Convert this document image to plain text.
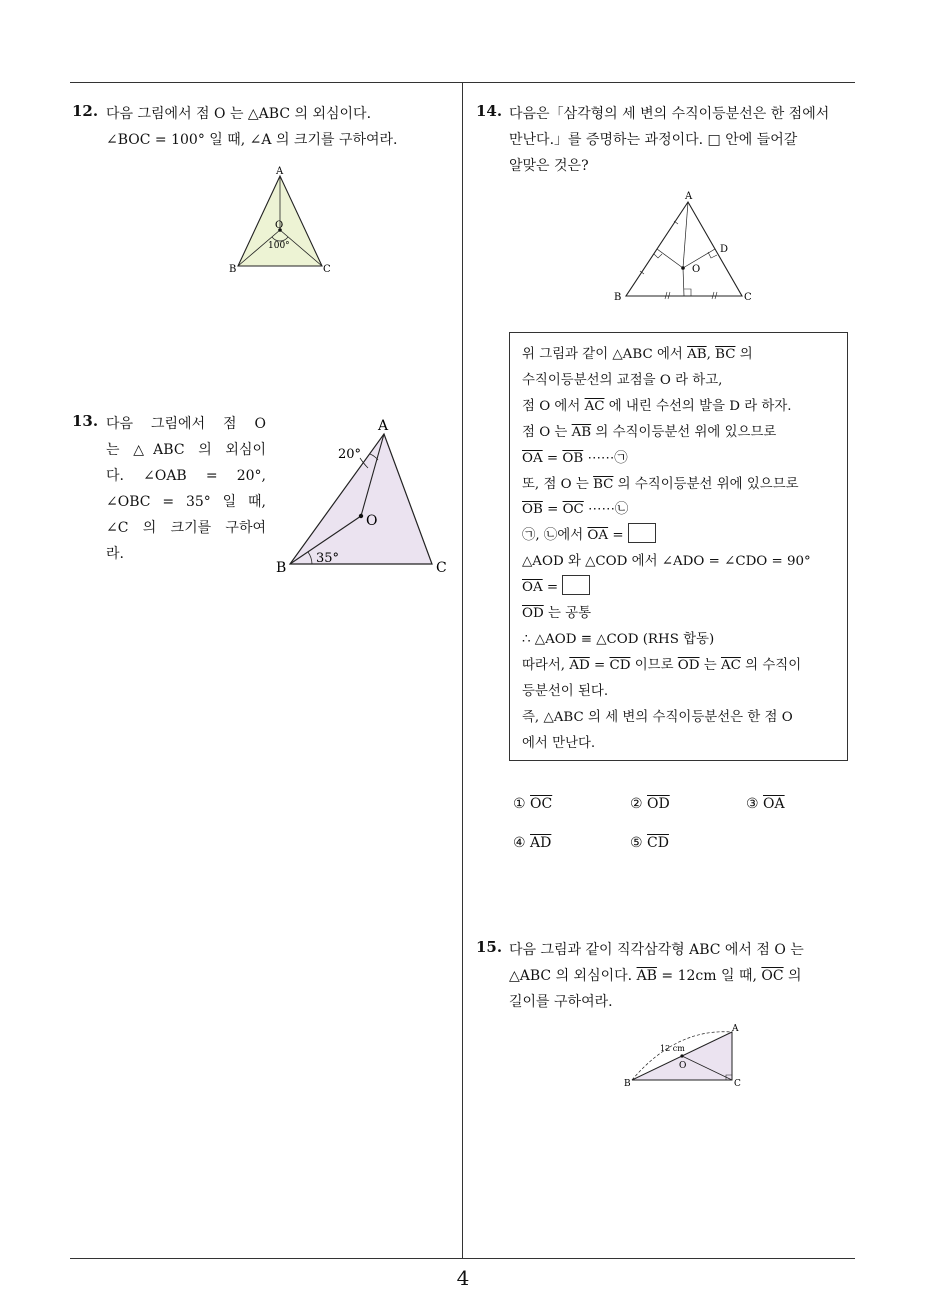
12. 다음 그림에서 점 O 는 △ABC 의 외심이다.
∠BOC = 100° 일 때, ∠A 의 크기를 구하여라.
A
O
100°
B	C
13. 다음 그림에서 점 O
는 △ABC 의 외심이
다. ∠OAB = 20°,
∠OBC = 35° 일 때,
∠C 의 크기를 구하여
라.
A
20°
O
35°
B	C
14. 다음은「삼각형의 세 변의 수직이등분선은 한 점에서
만난다.」를 증명하는 과정이다. □ 안에 들어갈
알맞은 것은?
A
D
O
B	C
위 그림과 같이 △ABC 에서 $\overline{AB}$, $\overline{BC}$ 의
수직이등분선의 교점을 O 라 하고,
점 O 에서 $\overline{AC}$ 에 내린 수선의 발을 D 라 하자.
점 O 는 $\overline{AB}$ 의 수직이등분선 위에 있으므로
$\overline{OA} = \overline{OB}$ ⋯⋯㉠
또, 점 O 는 $\overline{BC}$ 의 수직이등분선 위에 있으므로
$\overline{OB} = \overline{OC}$ ⋯⋯㉡
㉠, ㉡에서 $\overline{OA}$ =
△AOD 와 △COD 에서 ∠ADO = ∠CDO = 90°
$\overline{OA}$ =
$\overline{OD}$ 는 공통
∴ △AOD ≡ △COD (RHS 합동)
따라서, $\overline{AD} = \overline{CD}$ 이므로 $\overline{OD}$ 는 $\overline{AC}$ 의 수직이
등분선이 된다.
즉, △ABC 의 세 변의 수직이등분선은 한 점 O
에서 만난다.
① $\overline{OC}$	② $\overline{OD}$	③ $\overline{OA}$
④ $\overline{AD}$	⑤ $\overline{CD}$
15. 다음 그림과 같이 직각삼각형 ABC 에서 점 O 는
△ABC 의 외심이다. $\overline{AB} = 12cm$ 일 때, $\overline{OC}$ 의
길이를 구하여라.
A
12 cm
O
B	C
4
